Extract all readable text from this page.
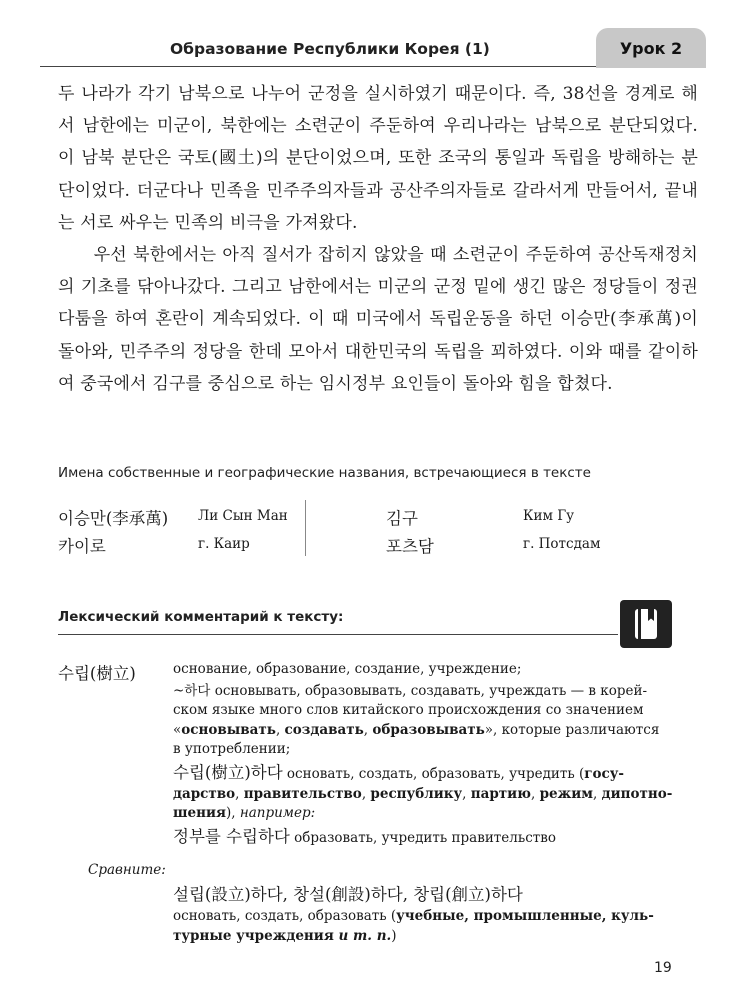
Образование Республики Корея (1)	Урок 2

두 나라가 각기 남북으로 나누어 군정을 실시하였기 때문이다. 즉, 38선을 경계로 해서 남한에는 미군이, 북한에는 소련군이 주둔하여 우리나라는 남북으로 분단되었다. 이 남북 분단은 국토(國土)의 분단이었으며, 또한 조국의 통일과 독립을 방해하는 분단이었다. 더군다나 민족을 민주주의자들과 공산주의자들로 갈라서게 만들어서, 끝내는 서로 싸우는 민족의 비극을 가져왔다.

우선 북한에서는 아직 질서가 잡히지 않았을 때 소련군이 주둔하여 공산독재정치의 기초를 닦아나갔다. 그리고 남한에서는 미군의 군정 밑에 생긴 많은 정당들이 정권다툼을 하여 혼란이 계속되었다. 이 때 미국에서 독립운동을 하던 이승만(李承萬)이 돌아와, 민주주의 정당을 한데 모아서 대한민국의 독립을 꾀하였다. 이와 때를 같이하여 중국에서 김구를 중심으로 하는 임시정부 요인들이 돌아와 힘을 합쳤다.

Имена собственные и географические названия, встречающиеся в тексте
이승만(李承萬) Ли Сын Ман	김구	Ким Гу
카이로	г. Каир	포츠담	г. Потсдам
Лексический комментарий к тексту:
수립(樹立)	основание, образование, создание, учреждение;
~하다 основывать, образовывать, создавать, учреждать — в корей-
ском языке много слов китайского происхождения со значением
«основывать, создавать, образовывать», которые различаются
в употреблении;
수립(樹立)하다 основать, создать, образовать, учредить (госу-
дарство, правительство, республику, партию, режим, дипотно-
шения), например:
정부를 수립하다 образовать, учредить правительство
Сравните:
설립(設立)하다, 창설(創設)하다, 창립(創立)하다
основать, создать, образовать (учебные, промышленные, куль-
турные учреждения и т. п.)
19
